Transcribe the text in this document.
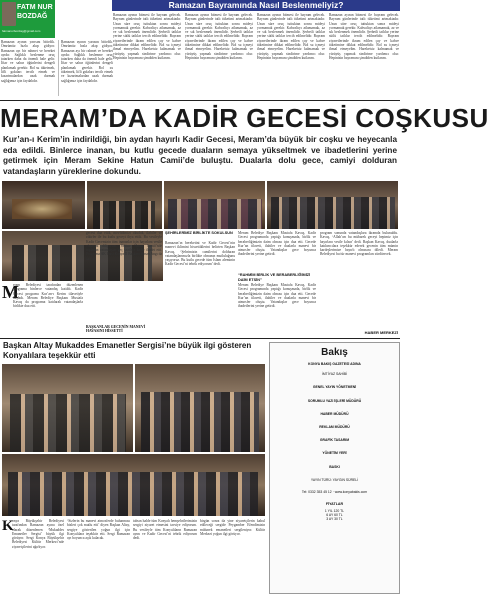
FATM NUR
BOZDAĞ
fatmanurbozdag@gmail.com
Ramazan ayının yarısını bitirdik. Ömrümüz hızla akıp gidiyor. Ramazan ayı bir rahmet ve bereket ayıdır. Sağlıklı beslenme oruç tutarken daha da önemli hale gelir. İftar ve sahur öğünlerini dengeli planlamak gerekir. Bol su tüketmek, lifli gıdaları tercih etmek ve kızartmalardan uzak durmak sağlığımız için faydalıdır.
Ramazan ayının yarısını bitirdik. Ömrümüz hızla akıp gidiyor. Ramazan ayı bir rahmet ve bereket ayıdır. Sağlıklı beslenme oruç tutarken daha da önemli hale gelir. İftar ve sahur öğünlerini dengeli planlamak gerekir. Bol su tüketmek, lifli gıdaları tercih etmek ve kızartmalardan uzak durmak sağlığımız için faydalıdır.
Ramazan Bayramında Nasıl Beslenmeliyiz?
Ramazan ayının bitmesi ile bayram gelecek. Bayram günlerinde tatlı tüketimi artmaktadır. Uzun süre oruç tuttuktan sonra mideyi yormamak gerekir. Kahvaltıyı atlamamak, az ve sık beslenmek önemlidir. Şerbetli tatlılar yerine sütlü tatlılar tercih edilmelidir. Bayram ziyaretlerinde ikram edilen çay ve kahve tüketimine dikkat edilmelidir. Bol su içmeyi ihmal etmeyelim. Hareketsiz kalmamak ve yürüyüş yapmak sindirime yardımcı olur. Hepinizin bayramını şimdiden kutlarım.
Ramazan ayının bitmesi ile bayram gelecek. Bayram günlerinde tatlı tüketimi artmaktadır. Uzun süre oruç tuttuktan sonra mideyi yormamak gerekir. Kahvaltıyı atlamamak, az ve sık beslenmek önemlidir. Şerbetli tatlılar yerine sütlü tatlılar tercih edilmelidir. Bayram ziyaretlerinde ikram edilen çay ve kahve tüketimine dikkat edilmelidir. Bol su içmeyi ihmal etmeyelim. Hareketsiz kalmamak ve yürüyüş yapmak sindirime yardımcı olur. Hepinizin bayramını şimdiden kutlarım.
Ramazan ayının bitmesi ile bayram gelecek. Bayram günlerinde tatlı tüketimi artmaktadır. Uzun süre oruç tuttuktan sonra mideyi yormamak gerekir. Kahvaltıyı atlamamak, az ve sık beslenmek önemlidir. Şerbetli tatlılar yerine sütlü tatlılar tercih edilmelidir. Bayram ziyaretlerinde ikram edilen çay ve kahve tüketimine dikkat edilmelidir. Bol su içmeyi ihmal etmeyelim. Hareketsiz kalmamak ve yürüyüş yapmak sindirime yardımcı olur. Hepinizin bayramını şimdiden kutlarım.
Ramazan ayının bitmesi ile bayram gelecek. Bayram günlerinde tatlı tüketimi artmaktadır. Uzun süre oruç tuttuktan sonra mideyi yormamak gerekir. Kahvaltıyı atlamamak, az ve sık beslenmek önemlidir. Şerbetli tatlılar yerine sütlü tatlılar tercih edilmelidir. Bayram ziyaretlerinde ikram edilen çay ve kahve tüketimine dikkat edilmelidir. Bol su içmeyi ihmal etmeyelim. Hareketsiz kalmamak ve yürüyüş yapmak sindirime yardımcı olur. Hepinizin bayramını şimdiden kutlarım.
MERAM’DA KADİR GECESİ COŞKUSU
Kur’an-ı Kerim’in indirildiği, bin aydan hayırlı Kadir Gecesi, Meram’da büyük bir coşku ve heyecanla eda edildi. Binlerce inanan, bu kutlu gecede duaların semaya yükseltmek ve ibadetlerini yerine getirmek için Meram Sekine Hatun Camii’de buluştu. Dualarla dolu gece, camiyi dolduran vatandaşların yüreklerine dokundu.
M
eram Belediyesi tarafından düzenlenen programa binlerce vatandaş katıldı. Kadir Gecesi programı Kur’an-ı Kerim tilavetiyle başladı. Meram Belediye Başkanı Mustafa Kavuş da programa katılarak vatandaşlarla birlikte dua etti.
gecesi dua ettik, mevlidimizi okuduk, ilahiler ve zikirler ile bu kutlu geceyi ihya ettik. Bu vesileyle Kadir Gecemizin tüm inananlar için hayırlara vesile olmasını diliyorum. Sekine Hatun Camii’nde toplanan vatandaşlar geç saatlere kadar ibadet etti. Programa AK Parti Konya İl Başkanı Hasan Angı da katıldı.
BAŞKANLAR GECENİN MANEVİ HAVASINI HİSSETTİ
ŞEHİRLERİMİZ BİRLİKTE SOKULSUN
Ramazan’ın bereketini ve Kadir Gecesi’nin manevi iklimini hissettiklerini belirten Başkan Kavuş, ‘Şehrimizin camilerini dolduran vatandaşlarımızla birlikte olmanın mutluluğunu yaşıyoruz. Bu kutlu gecede tüm İslam aleminin Kadir Gecesi’ni tebrik ediyorum’ dedi.
Meram Belediye Başkanı Mustafa Kavuş, Kadir Gecesi programında yaptığı konuşmada, birlik ve beraberliğimizin daim olması için dua etti. Gecede Kur’an tilaveti, ilahiler ve dualarla manevi bir atmosfer oluştu. Vatandaşlar gece boyunca ibadetlerini yerine getirdi.
“RAHMİM BİRLİK VE BERABERLİĞİMİZİ DAİM ETSİN”
Meram Belediye Başkanı Mustafa Kavuş, Kadir Gecesi programında yaptığı konuşmada, birlik ve beraberliğimizin daim olması için dua etti. Gecede Kur’an tilaveti, ilahiler ve dualarla manevi bir atmosfer oluştu. Vatandaşlar gece boyunca ibadetlerini yerine getirdi.
program sonunda vatandaşlara ikramda bulunuldu. Kavuş, ‘Allah’ım bu mübarek geceyi hepimiz için hayırlara vesile kılsın’ dedi. Başkan Kavuş, dualarla katılımcılara teşekkür ederek gecenin tüm mümin kardeşlerimize hayırlı olmasını diledi. Meram Belediyesi bu tür manevi programları sürdürecek.
HABER MERKEZİ
Başkan Altay Mukaddes Emanetler Sergisi’ne büyük ilgi gösteren Konyalılara teşekkür etti
K
onya Büyükşehir Belediyesi tarafından Ramazan ayına özel olarak düzenlenen ‘Mukaddes Emanetler Sergisi’ büyük ilgi görüyor. Sergi Konya Büyükşehir Belediyesi Kültür Merkezi’nde ziyaretçilerini ağırlıyor.
‘Sizlerin bu manevi atmosferde bulunması bizleri çok mutlu etti’ diyen Başkan Altay, sergiye gösterilen yoğun ilgi için Konyalılara teşekkür etti. Sergi Ramazan ayı boyunca açık kalacak.
tabsın halde tüm Konyalı hemşehrilerimizin sergiyi ziyaret etmesini tavsiye ediyorum. Bu vesileyle tüm Konyalıların Ramazan ayını ve Kadir Gecesi’ni tebrik ediyorum dedi.
birgün sonra da yine ziyaretçilerin kabul edileceği sergide Peygamber Efendimizin mübarek emanetleri sergileniyor. Kültür Merkezi yoğun ilgi görüyor.
Bakış
KONYA BAKIŞ GAZETESİ ADINA
İMTİYAZ SAHİBİ
GENEL YAYIN YÖNETMENİ
SORUMLU YAZI İŞLERİ MÜDÜRÜ
HABER MÜDÜRÜ
REKLAM MÜDÜRÜ
GRAFİK TASARIM
YÖNETİM YERİ
BASKI
YAYIN TÜRÜ: YAYGIN SÜRELİ
Tel: 0332 353 45 12 · www.konyabakis.com
FİYATLAR
1 YIL 120 TL
6 AY 60 TL
3 AY 30 TL
